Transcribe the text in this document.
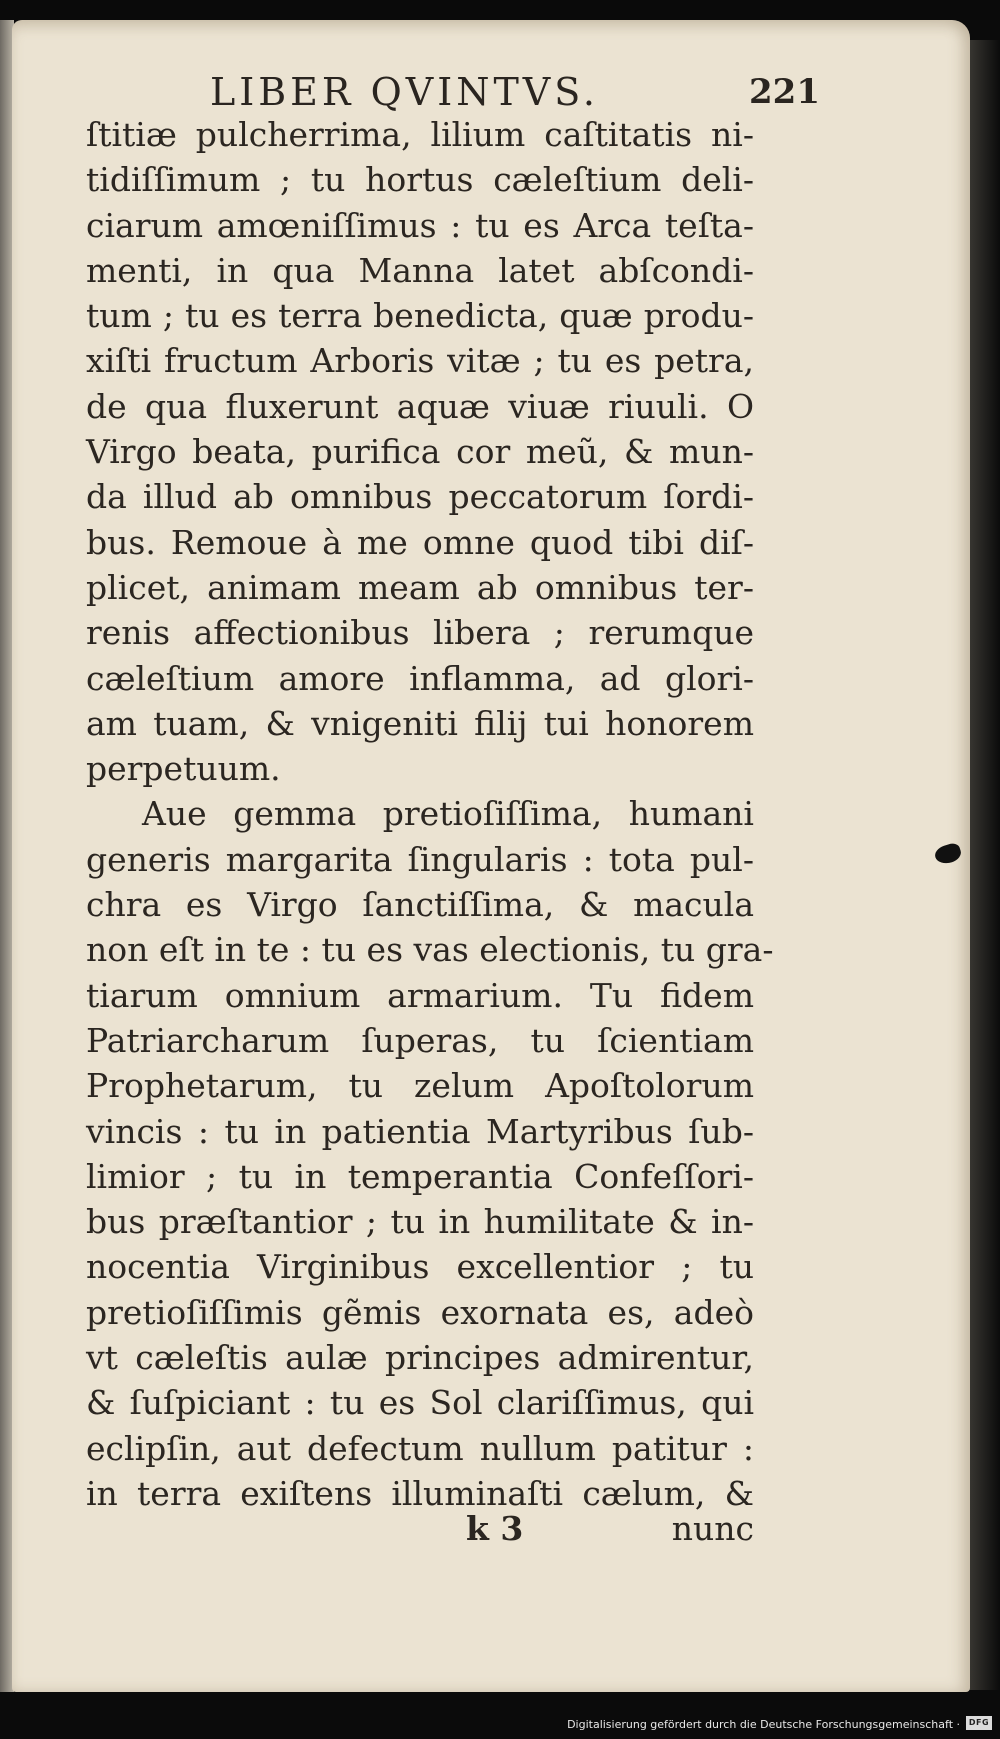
LIBER QVINTVS.	221
ſtitiæ pulcherrima, lilium caſtitatis ni-
tidiſſimum ; tu hortus cæleſtium deli-
ciarum amœniſſimus : tu es Arca teſta-
menti, in qua Manna latet abſcondi-
tum ; tu es terra benedicta, quæ produ-
xiſti fructum Arboris vitæ ; tu es petra,
de qua fluxerunt aquæ viuæ riuuli. O
Virgo beata, purifica cor meũ, & mun-
da illud ab omnibus peccatorum ſordi-
bus. Remoue à me omne quod tibi diſ-
plicet, animam meam ab omnibus ter-
renis affectionibus libera ; rerumque
cæleſtium amore inflamma, ad glori-
am tuam, & vnigeniti filij tui honorem
perpetuum.
Aue gemma pretioſiſſima, humani
generis margarita ſingularis : tota pul-
chra es Virgo ſanctiſſima, & macula
non eſt in te : tu es vas electionis, tu gra-
tiarum omnium armarium. Tu fidem
Patriarcharum ſuperas, tu ſcientiam
Prophetarum, tu zelum Apoſtolorum
vincis : tu in patientia Martyribus ſub-
limior ; tu in temperantia Confeſſori-
bus præſtantior ; tu in humilitate & in-
nocentia Virginibus excellentior ; tu
pretioſiſſimis gẽmis exornata es, adeò
vt cæleſtis aulæ principes admirentur,
& ſuſpiciant : tu es Sol clariſſimus, qui
eclipſin, aut defectum nullum patitur :
in terra exiſtens illuminaſti cælum, &
k 3	nunc
Digitalisierung gefördert durch die Deutsche Forschungsgemeinschaft ·	DFG
